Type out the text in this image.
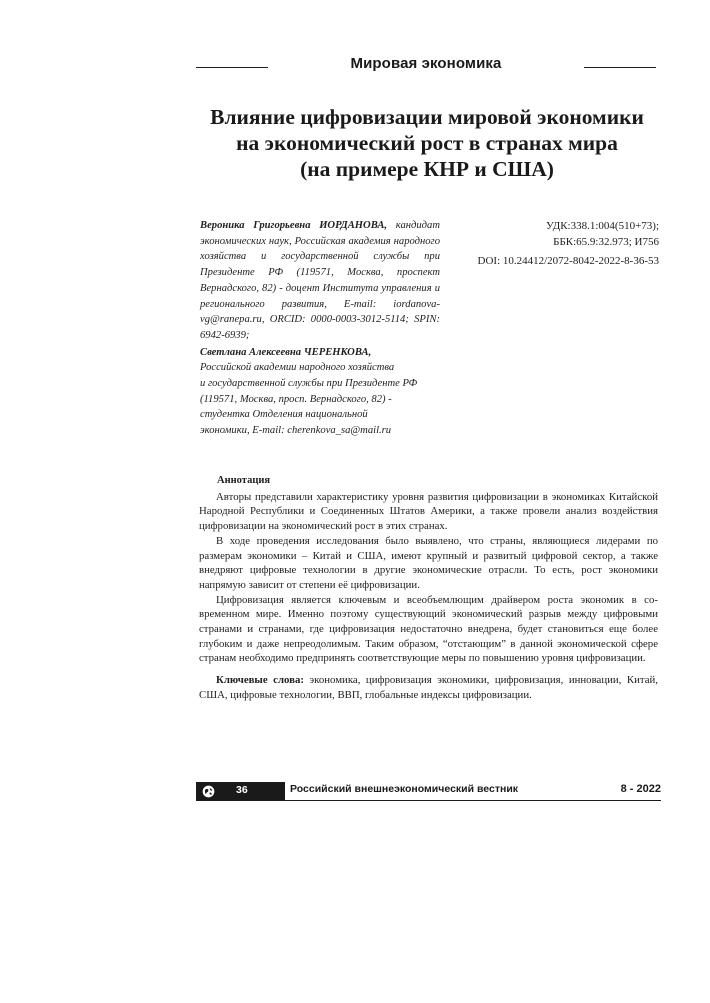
Мировая экономика
Влияние цифровизации мировой экономики
на экономический рост в странах мира
(на примере КНР и США)
Вероника Григорьевна ИОРДАНОВА, кандидат экономических наук, Российская академия народного хозяйства и государственной службы при Президенте РФ (119571, Москва, проспект Вернадского, 82) - доцент Института управления и регионального развития, E-mail: iordanova-vg@ranepa.ru, ORCID: 0000-0003-3012-5114; SPIN: 6942-6939;
Светлана Алексеевна ЧЕРЕНКОВА,
Российской академии народного хозяйства
и государственной службы при Президенте РФ
(119571, Москва, просп. Вернадского, 82) -
студентка Отделения национальной
экономики, E-mail: cherenkova_sa@mail.ru
УДК:338.1:004(510+73);
ББК:65.9:32.973; И756
DOI: 10.24412/2072-8042-2022-8-36-53
Аннотация

Авторы представили характеристику уровня развития цифровизации в экономиках Китайской Народной Республики и Соединенных Штатов Америки, а также провели анализ воздействия цифровизации на экономический рост в этих странах.

В ходе проведения исследования было выявлено, что страны, являющиеся лидерами по размерам экономики – Китай и США, имеют крупный и развитый цифровой сектор, а также внедряют цифровые технологии в другие экономические отрасли. То есть, рост экономики напрямую зависит от степени её цифровизации.

Цифровизация является ключевым и всеобъемлющим драйвером роста экономик в современном мире. Именно поэтому существующий экономический разрыв между цифровыми странами и странами, где цифровизация недостаточно внедрена, будет становиться еще более глубоким и даже непреодолимым. Таким образом, “отстающим” в данной экономической сфере странам необходимо предпринять соответствующие меры по повышению уровня цифровизации.

Ключевые слова: экономика, цифровизация экономики, цифровизация, инновации, Китай, США, цифровые технологии, ВВП, глобальные индексы цифровизации.

36	Российский внешнеэкономический вестник	8 - 2022
